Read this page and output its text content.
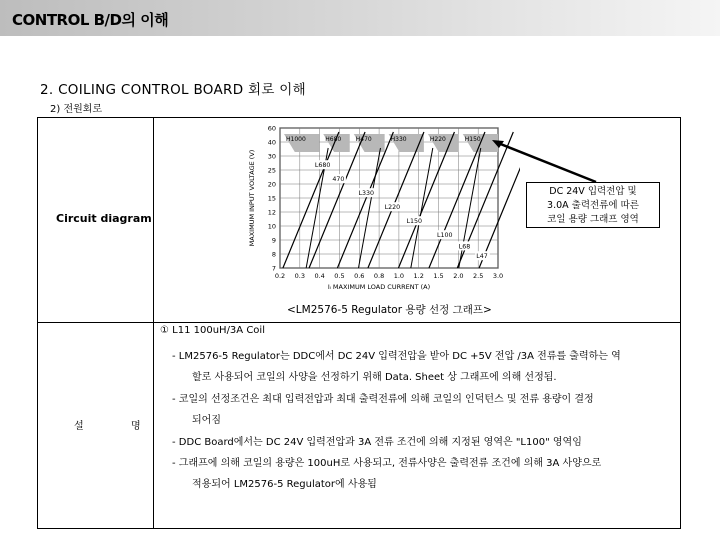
CONTROL B/D의 이해
2. COILING CONTROL BOARD 회로 이해
2) 전원회로
Circuit diagram
설	명
0.2 0.3 0.4 0.5 0.6 0.8 1.0 1.2 1.5 2.0 2.5 3.0
60
40
30
25
20
15
12
10
9
8
7
H1000	H680 H470	H330	H220	H150
L680
470
L330
L220
L150
L100
L68
L47
MAXIMUM INPUT VOLTAGE (V)
Iₗ MAXIMUM LOAD CURRENT (A)
<LM2576-5 Regulator 용량 선정 그래프>
DC 24V 입력전압 및
3.0A 출력전류에 따른
코일 용량 그래프 영역
① L11 100uH/3A Coil
- LM2576-5 Regulator는 DDC에서 DC 24V 입력전압을 받아 DC +5V 전압 /3A 전류를 출력하는 역
할로 사용되어 코일의 사양을 선정하기 위해 Data. Sheet 상 그래프에 의해 선정됨.
- 코일의 선정조건은 최대 입력전압과 최대 출력전류에 의해 코일의 인덕턴스 및 전류 용량이 결정
되어짐
- DDC Board에서는 DC 24V 입력전압과 3A 전류 조건에 의해 지정된 영역은 "L100" 영역임
- 그래프에 의해 코일의 용량은 100uH로 사용되고, 전류사양은 출력전류 조건에 의해 3A 사양으로
적용되어 LM2576-5 Regulator에 사용됨
